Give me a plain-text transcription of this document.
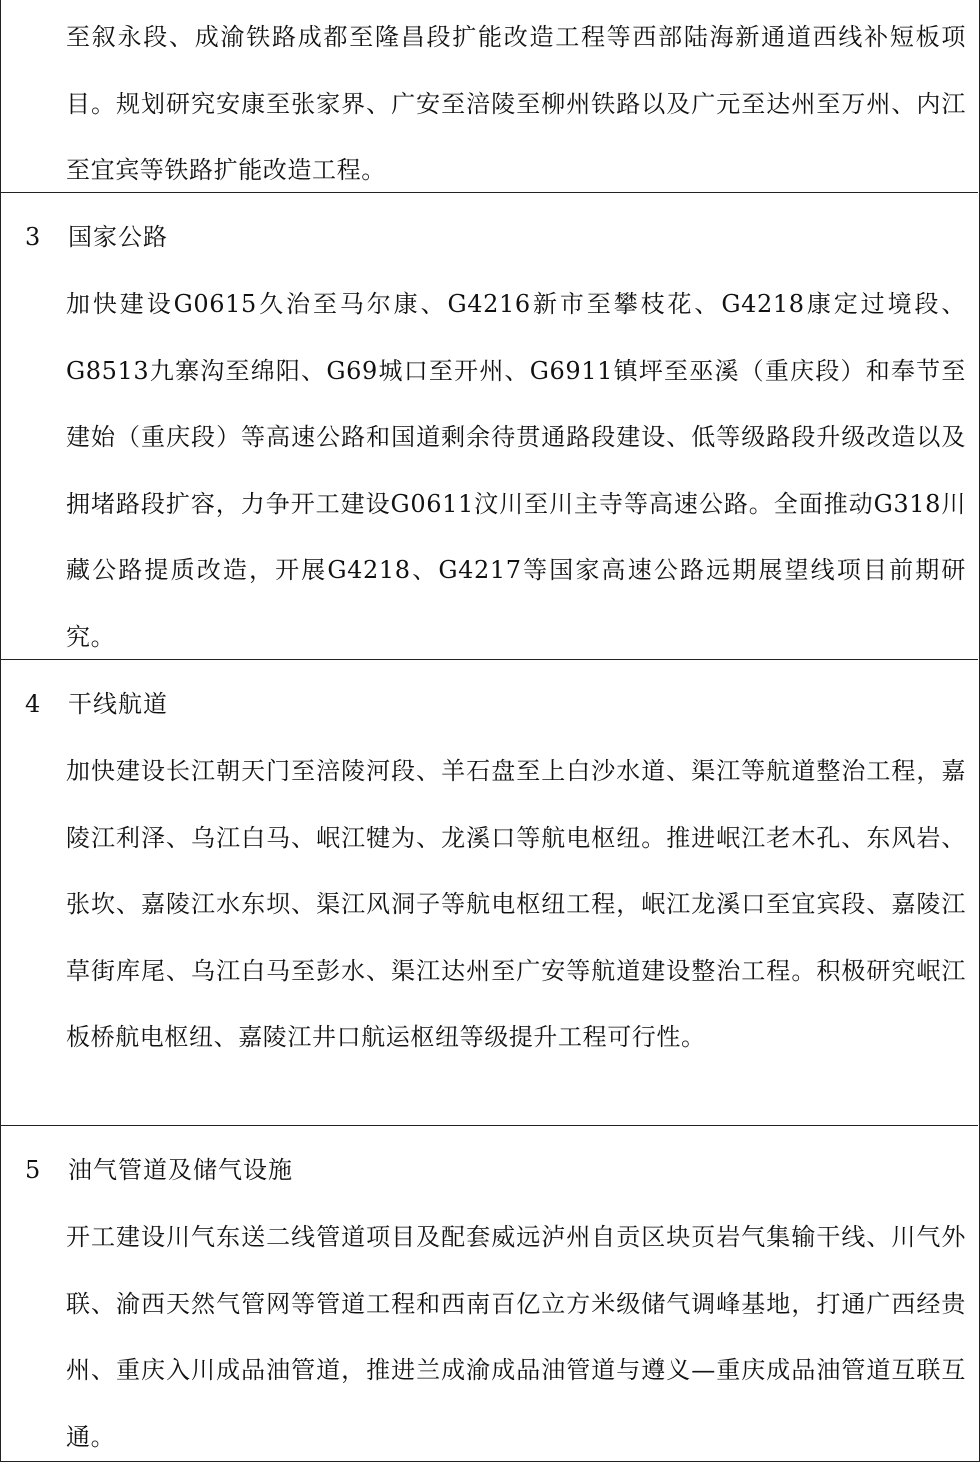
至叙永段、成渝铁路成都至隆昌段扩能改造工程等西部陆海新通道西线补短板项目。规划研究安康至张家界、广安至涪陵至柳州铁路以及广元至达州至万州、内江至宜宾等铁路扩能改造工程。

3 国家公路

加快建设G0615久治至马尔康、G4216新市至攀枝花、G4218康定过境段、G8513九寨沟至绵阳、G69城口至开州、G6911镇坪至巫溪（重庆段）和奉节至建始（重庆段）等高速公路和国道剩余待贯通路段建设、低等级路段升级改造以及拥堵路段扩容，力争开工建设G0611汶川至川主寺等高速公路。全面推动G318川藏公路提质改造，开展G4218、G4217等国家高速公路远期展望线项目前期研究。

4 干线航道

加快建设长江朝天门至涪陵河段、羊石盘至上白沙水道、渠江等航道整治工程，嘉陵江利泽、乌江白马、岷江犍为、龙溪口等航电枢纽。推进岷江老木孔、东风岩、张坎、嘉陵江水东坝、渠江风洞子等航电枢纽工程，岷江龙溪口至宜宾段、嘉陵江草街库尾、乌江白马至彭水、渠江达州至广安等航道建设整治工程。积极研究岷江板桥航电枢纽、嘉陵江井口航运枢纽等级提升工程可行性。

5 油气管道及储气设施

开工建设川气东送二线管道项目及配套威远泸州自贡区块页岩气集输干线、川气外联、渝西天然气管网等管道工程和西南百亿立方米级储气调峰基地，打通广西经贵州、重庆入川成品油管道，推进兰成渝成品油管道与遵义—重庆成品油管道互联互通。
